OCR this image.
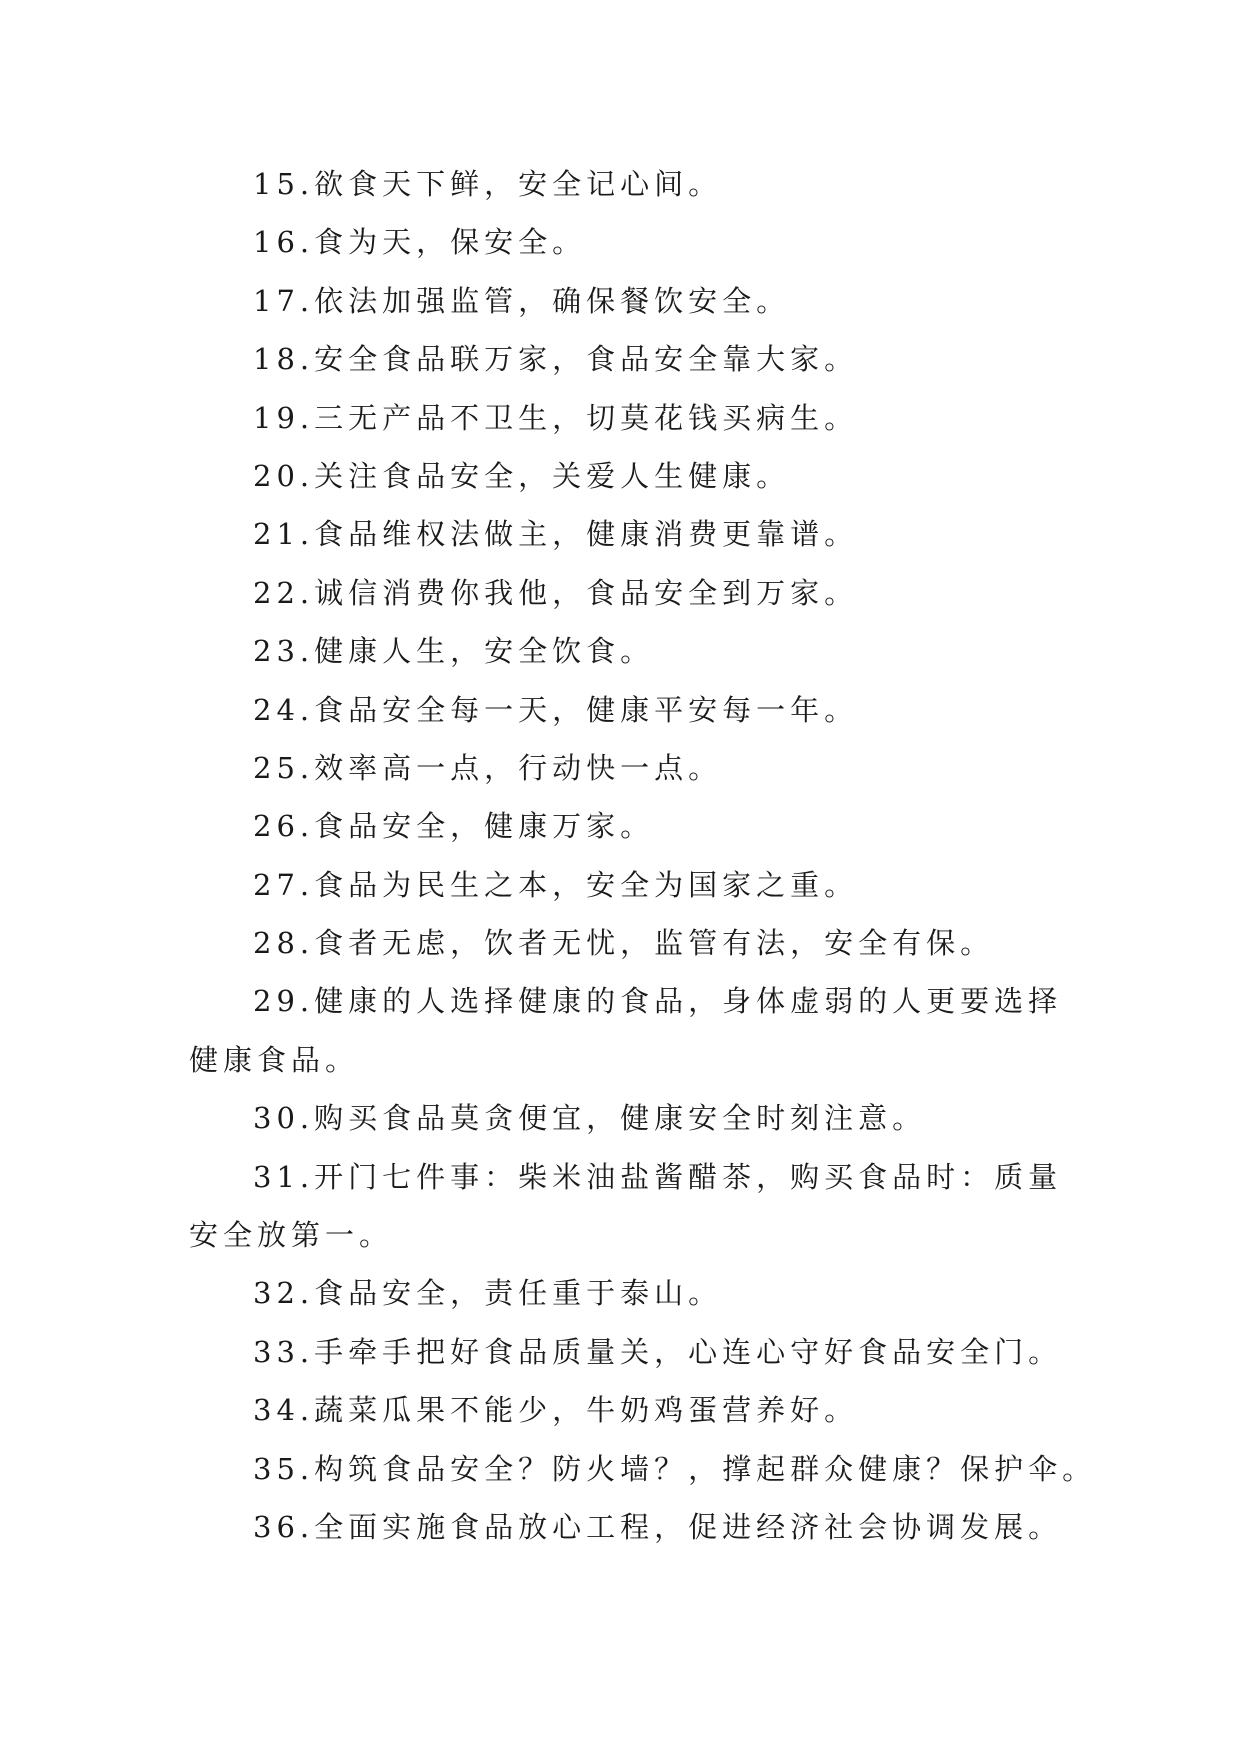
15.欲食天下鲜，安全记心间。
16.食为天，保安全。
17.依法加强监管，确保餐饮安全。
18.安全食品联万家，食品安全靠大家。
19.三无产品不卫生，切莫花钱买病生。
20.关注食品安全，关爱人生健康。
21.食品维权法做主，健康消费更靠谱。
22.诚信消费你我他，食品安全到万家。
23.健康人生，安全饮食。
24.食品安全每一天，健康平安每一年。
25.效率高一点，行动快一点。
26.食品安全，健康万家。
27.食品为民生之本，安全为国家之重。
28.食者无虑，饮者无忧，监管有法，安全有保。
29.健康的人选择健康的食品，身体虚弱的人更要选择
健康食品。
30.购买食品莫贪便宜，健康安全时刻注意。
31.开门七件事：柴米油盐酱醋茶，购买食品时：质量
安全放第一。
32.食品安全，责任重于泰山。
33.手牵手把好食品质量关，心连心守好食品安全门。
34.蔬菜瓜果不能少，牛奶鸡蛋营养好。
35.构筑食品安全？防火墙？，撑起群众健康？保护伞。
36.全面实施食品放心工程，促进经济社会协调发展。
